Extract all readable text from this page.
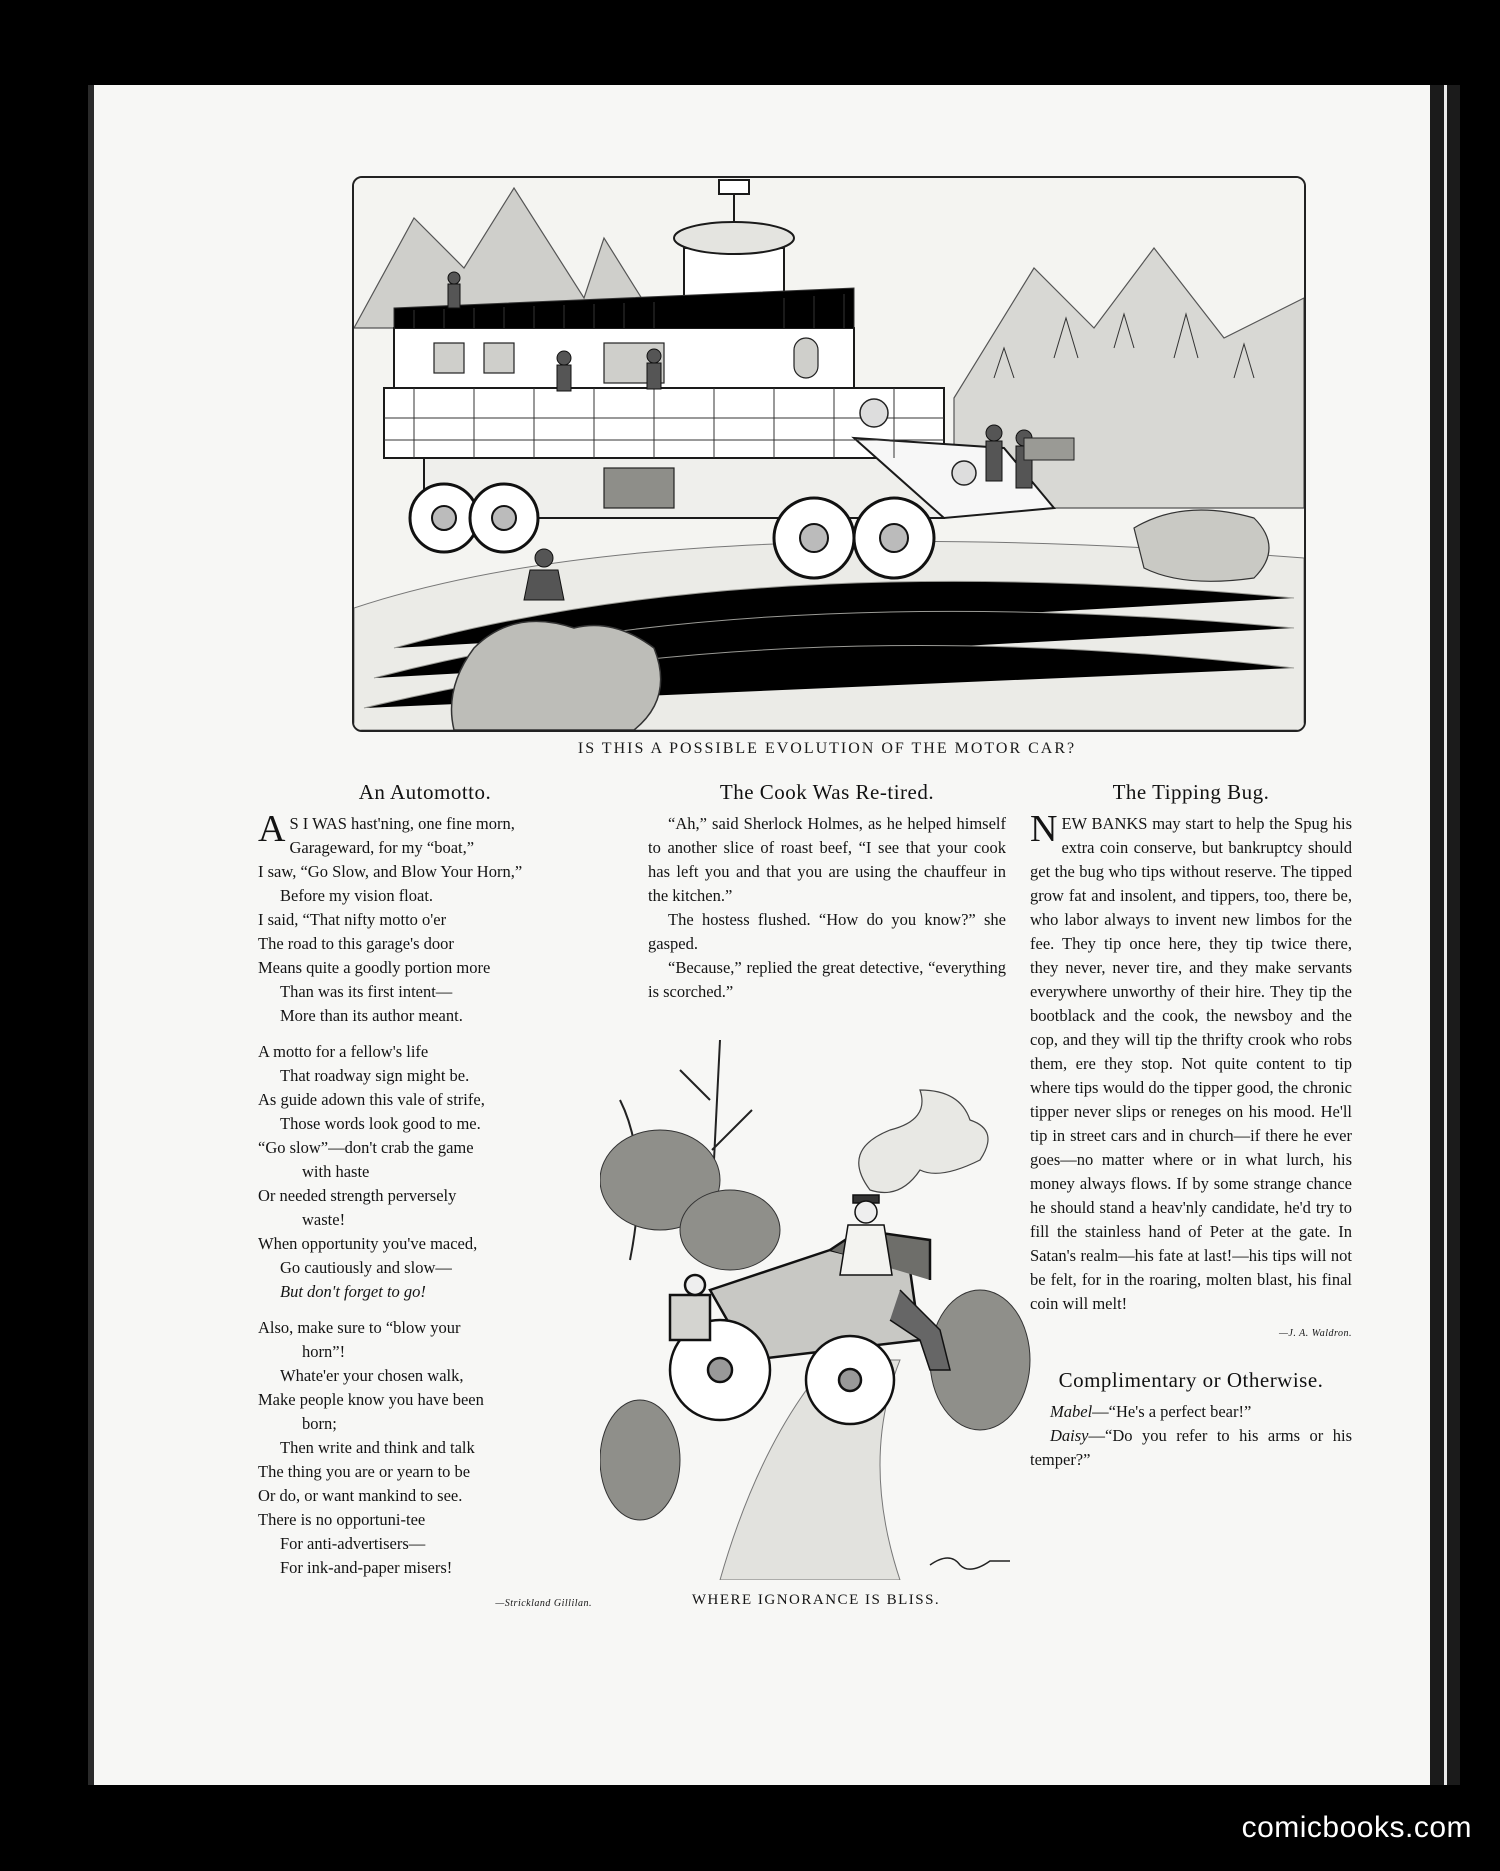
IS THIS A POSSIBLE EVOLUTION OF THE MOTOR CAR?
An Automotto.
A S I WAS hast'ning, one fine morn,
Garageward, for my “boat,”
I saw, “Go Slow, and Blow Your Horn,”
Before my vision float.
I said, “That nifty motto o'er
The road to this garage's door
Means quite a goodly portion more
Than was its first intent—
More than its author meant.
A motto for a fellow's life
That roadway sign might be.
As guide adown this vale of strife,
Those words look good to me.
“Go slow”—don't crab the game
with haste
Or needed strength perversely
waste!
When opportunity you've maced,
Go cautiously and slow—
But don't forget to go!
Also, make sure to “blow your
horn”!
Whate'er your chosen walk,
Make people know you have been
born;
Then write and think and talk
The thing you are or yearn to be
Or do, or want mankind to see.
There is no opportuni-tee
For anti-advertisers—
For ink-and-paper misers!
—Strickland Gillilan.
The Cook Was Re-tired.

“Ah,” said Sherlock Holmes, as he helped himself to another slice of roast beef, “I see that your cook has left you and that you are using the chauffeur in the kitchen.”

The hostess flushed. “How do you know?” she gasped.

“Because,” replied the great detective, “everything is scorched.”

WHERE IGNORANCE IS BLISS.
The Tipping Bug.
N EW BANKS may start to help the Spug his extra coin conserve, but bankruptcy should get the bug who tips without reserve. The tipped grow fat and insolent, and tippers, too, there be, who labor always to invent new limbos for the fee. They tip once here, they tip twice there, they never, never tire, and they make servants everywhere unworthy of their hire. They tip the bootblack and the cook, the newsboy and the cop, and they will tip the thrifty crook who robs them, ere they stop. Not quite content to tip where tips would do the tipper good, the chronic tipper never slips or reneges on his mood. He'll tip in street cars and in church—if there he ever goes—no matter where or in what lurch, his money always flows. If by some strange chance he should stand a heav'nly candidate, he'd try to fill the stainless hand of Peter at the gate. In Satan's realm—his fate at last!—his tips will not be felt, for in the roaring, molten blast, his final coin will melt!

—J. A. Waldron.
Complimentary or Otherwise.

Mabel—“He's a perfect bear!”

Daisy—“Do you refer to his arms or his temper?”

comicbooks.com
